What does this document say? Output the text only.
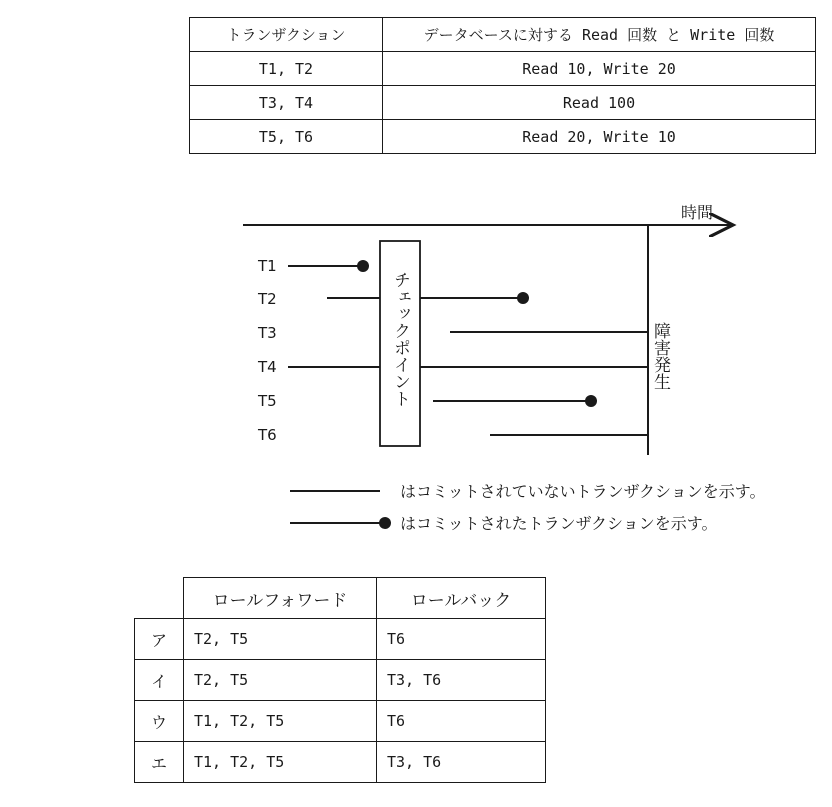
トランザクション	データベースに対する Read 回数 と Write 回数
T1, T2	Read 10, Write 20
T3, T4	Read 100
T5, T6	Read 20, Write 10
時間
障害発生
チェックポイント
T1
T2
T3
T4
T5
T6
はコミットされていないトランザクションを示す。
はコミットされたトランザクションを示す。
	ロールフォワード	ロールバック
ア	T2, T5	T6
イ	T2, T5	T3, T6
ウ	T1, T2, T5	T6
エ	T1, T2, T5	T3, T6
